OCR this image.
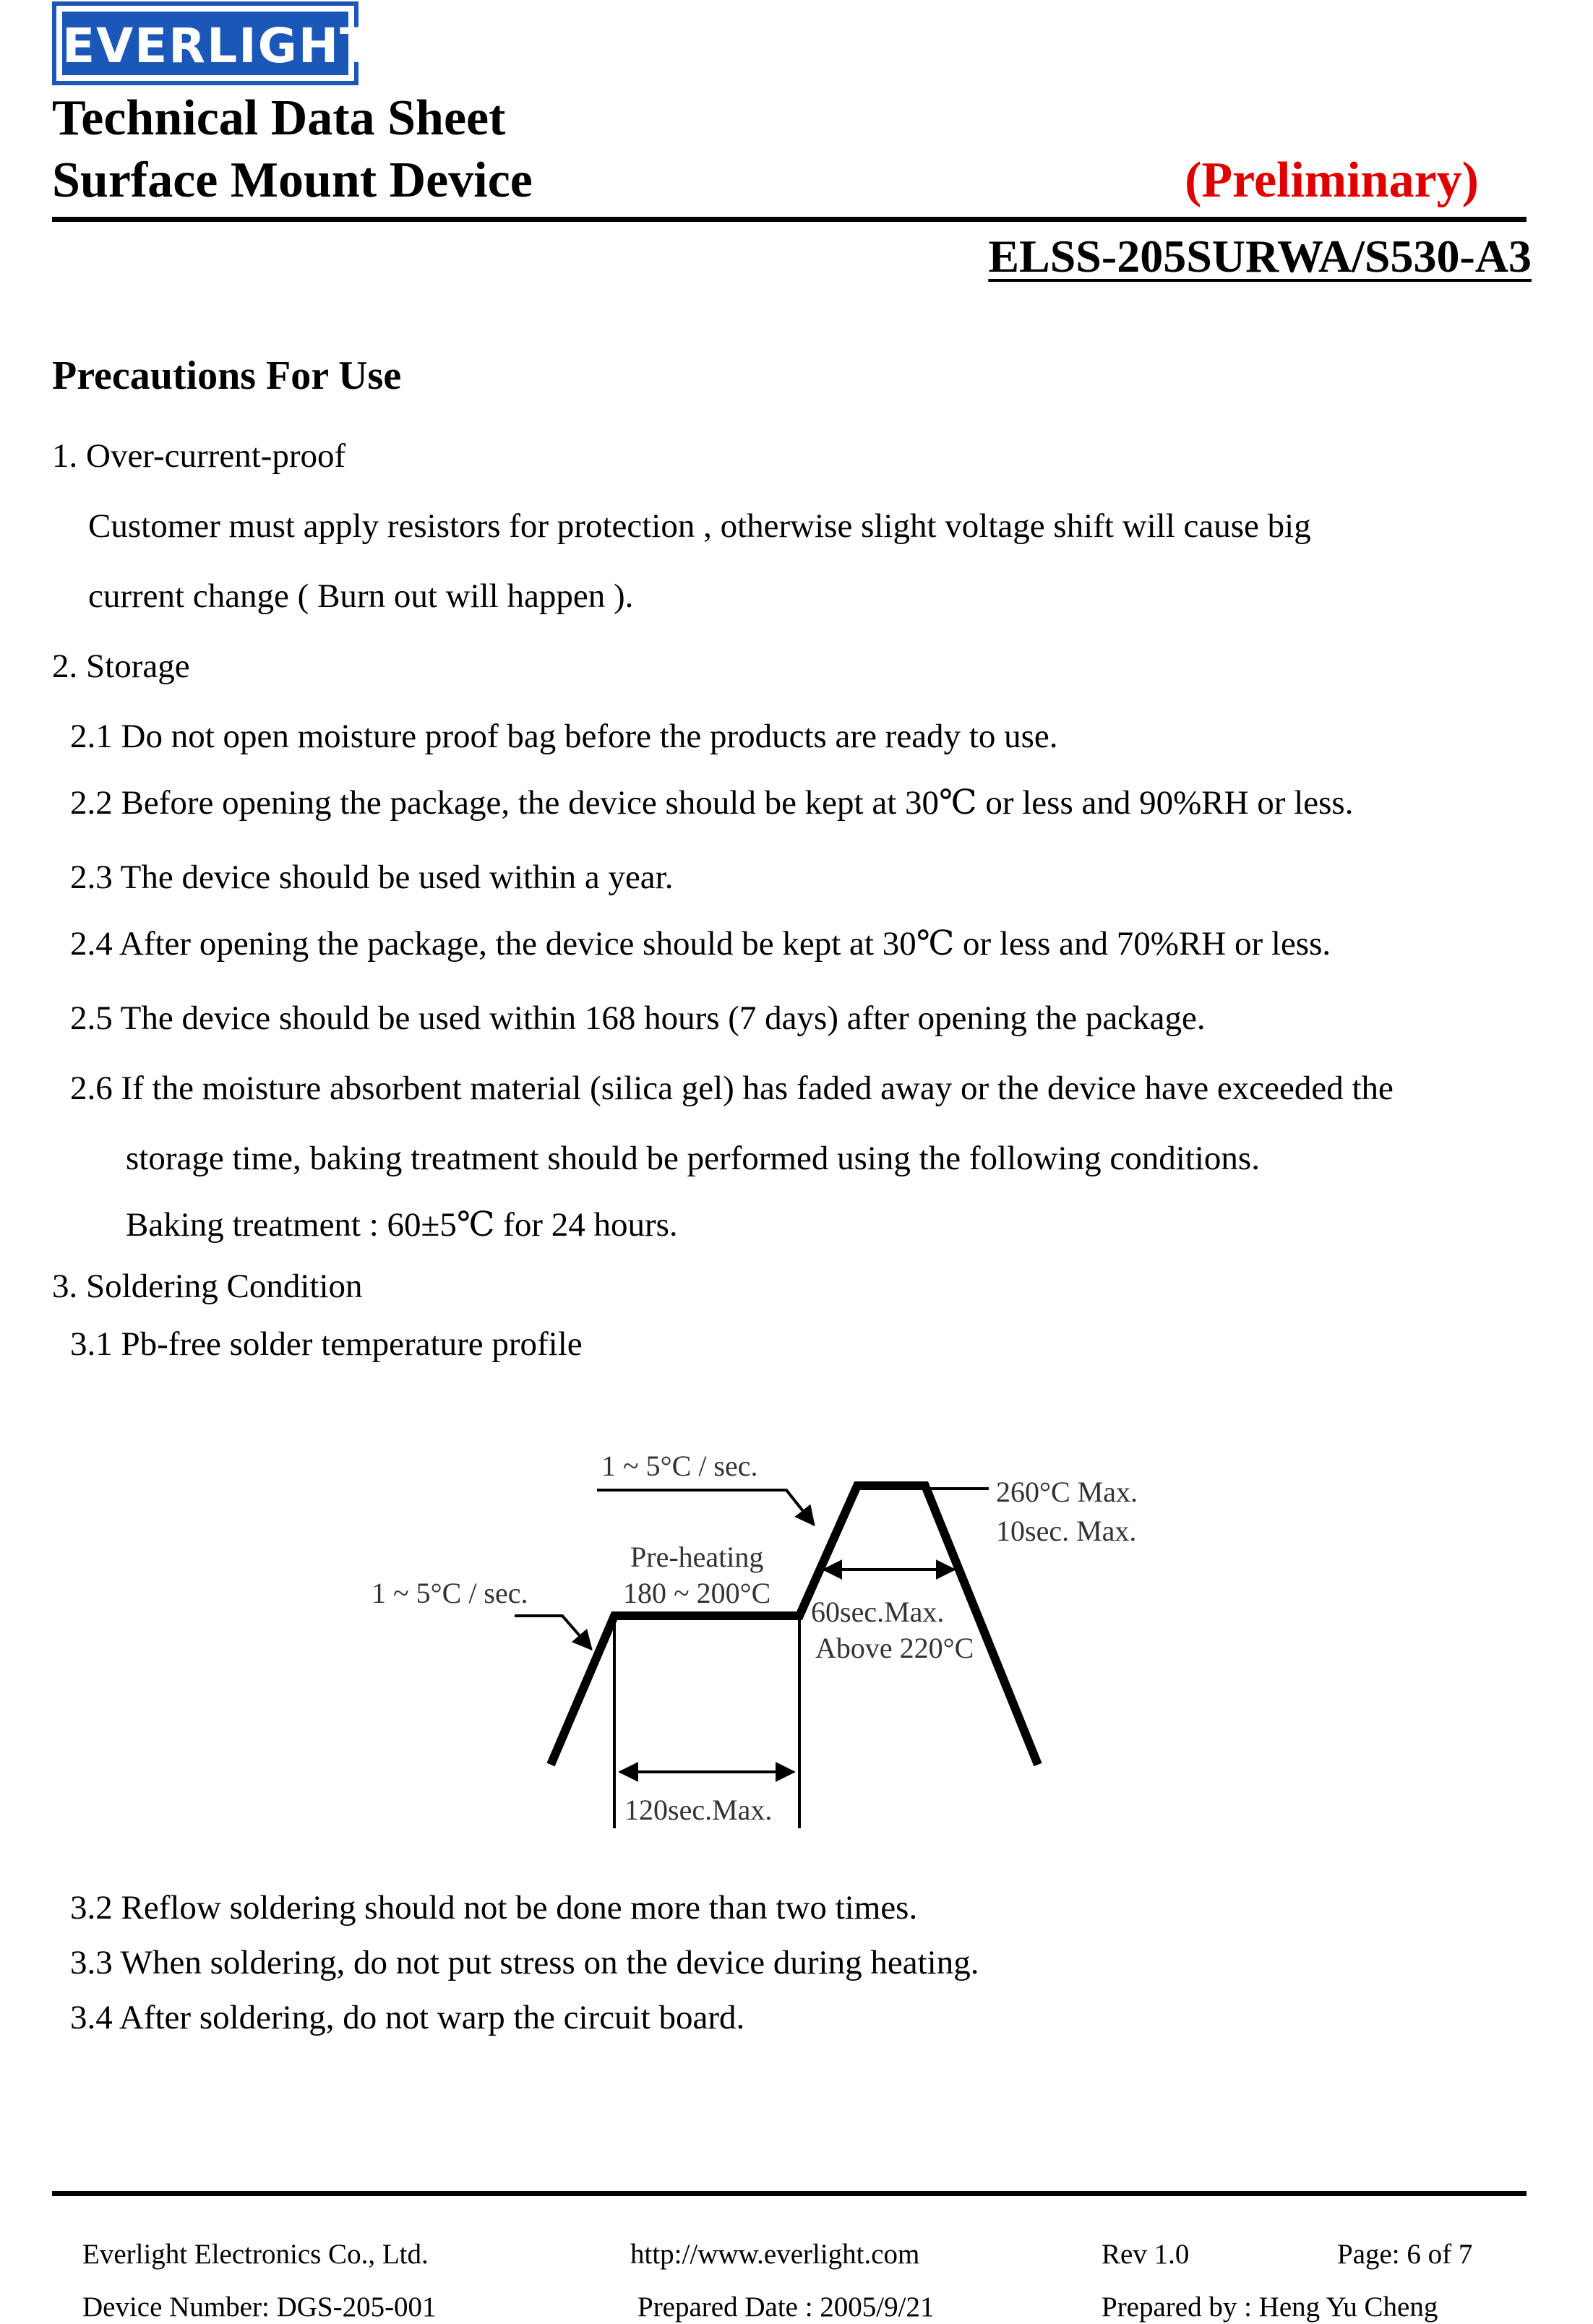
EVERLIGHT
Technical Data Sheet
Surface Mount Device	(Preliminary)
ELSS-205SURWA/S530-A3
Precautions For Use
1. Over-current-proof
Customer must apply resistors for protection , otherwise slight voltage shift will cause big
current change ( Burn out will happen ).
2. Storage
2.1 Do not open moisture proof bag before the products are ready to use.
2.2 Before opening the package, the device should be kept at 30℃ or less and 90%RH or less.
2.3 The device should be used within a year.
2.4 After opening the package, the device should be kept at 30℃ or less and 70%RH or less.
2.5 The device should be used within 168 hours (7 days) after opening the package.
2.6 If the moisture absorbent material (silica gel) has faded away or the device have exceeded the
storage time, baking treatment should be performed using the following conditions.
Baking treatment : 60±5℃ for 24 hours.
3. Soldering Condition
3.1 Pb-free solder temperature profile
1 ~ 5°C / sec.
260°C Max.
10sec. Max.
Pre-heating
180 ~ 200°C
1 ~ 5°C / sec.
60sec.Max.
Above 220°C
120sec.Max.
3.2 Reflow soldering should not be done more than two times.
3.3 When soldering, do not put stress on the device during heating.
3.4 After soldering, do not warp the circuit board.
Everlight Electronics Co., Ltd.	http://www.everlight.com	Rev 1.0	Page: 6 of 7
Device Number: DGS-205-001	Prepared Date : 2005/9/21	Prepared by : Heng Yu Cheng
